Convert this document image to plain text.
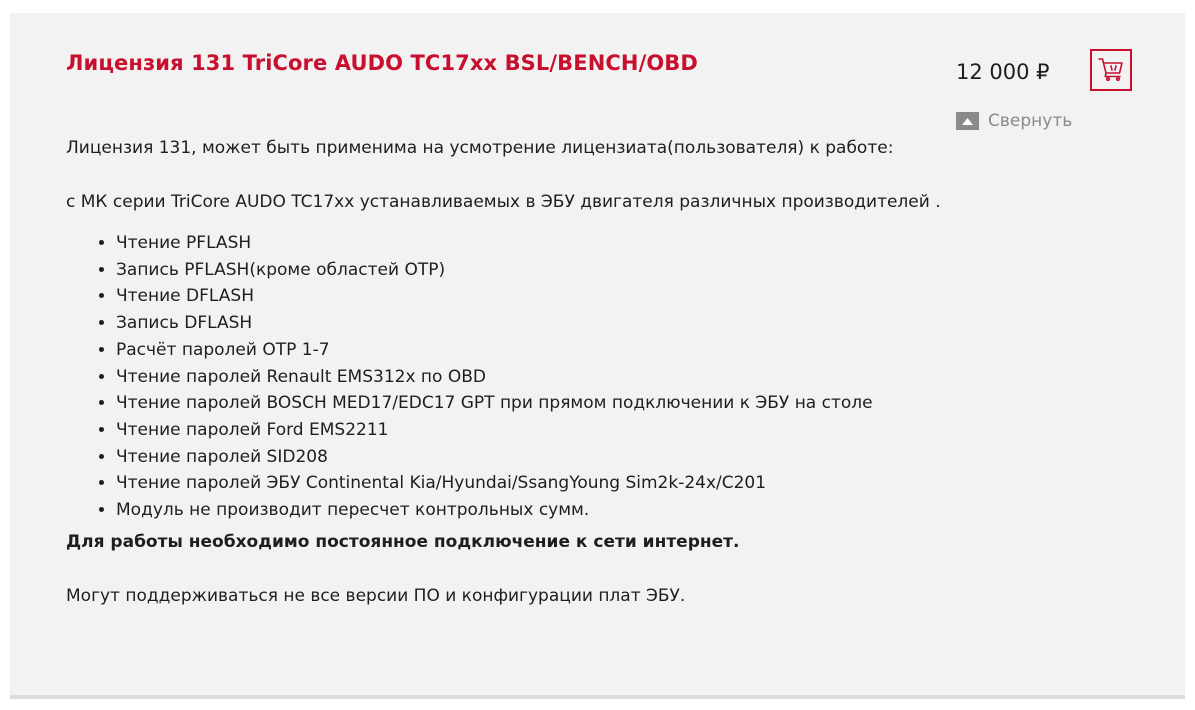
Лицензия 131 TriCore AUDO TC17xx BSL/BENCH/OBD	12 000 ₽
Свернуть

Лицензия 131, может быть применима на усмотрение лицензиата(пользователя) к работе:

с МК серии TriCore AUDO TC17xx устанавливаемых в ЭБУ двигателя различных производителей .

• Чтение PFLASH
• Запись PFLASH(кроме областей OTP)
• Чтение DFLASH
• Запись DFLASH
• Расчёт паролей OTP 1-7
• Чтение паролей Renault EMS312x по OBD
• Чтение паролей BOSCH MED17/EDC17 GPT при прямом подключении к ЭБУ на столе
• Чтение паролей Ford EMS2211
• Чтение паролей SID208
• Чтение паролей ЭБУ Continental Kia/Hyundai/SsangYoung Sim2k-24x/C201
• Модуль не производит пересчет контрольных сумм.

Для работы необходимо постоянное подключение к сети интернет.

Могут поддерживаться не все версии ПО и конфигурации плат ЭБУ.
